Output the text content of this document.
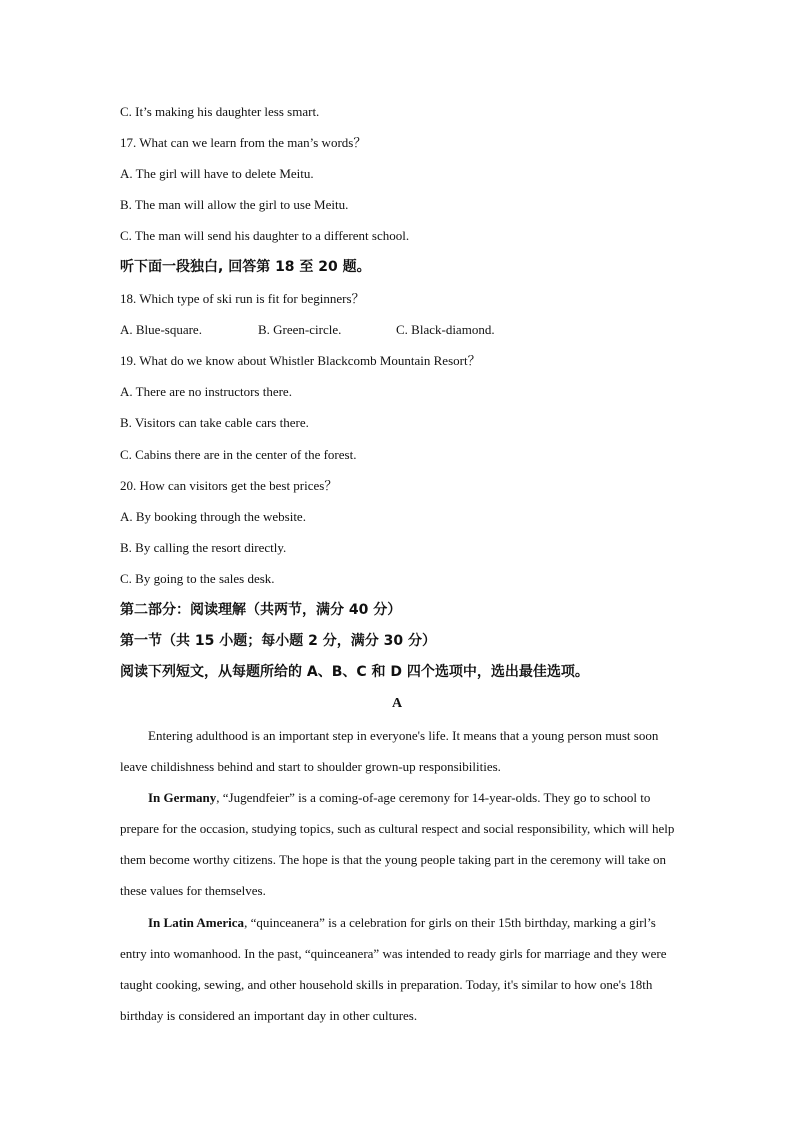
C. It’s making his daughter less smart.
17. What can we learn from the man’s words？
A. The girl will have to delete Meitu.
B. The man will allow the girl to use Meitu.
C. The man will send his daughter to a different school.
听下面一段独白, 回答第 18 至 20 题。
18. Which type of ski run is fit for beginners？
A. Blue-square.	B. Green-circle.	C. Black-diamond.
19. What do we know about Whistler Blackcomb Mountain Resort？
A. There are no instructors there.
B. Visitors can take cable cars there.
C. Cabins there are in the center of the forest.
20. How can visitors get the best prices？
A. By booking through the website.
B. By calling the resort directly.
C. By going to the sales desk.
第二部分：阅读理解（共两节，满分 40 分）
第一节（共 15 小题；每小题 2 分，满分 30 分）
阅读下列短文，从每题所给的 A、B、C 和 D 四个选项中，选出最佳选项。
A
Entering adulthood is an important step in everyone's life. It means that a young person must soon leave childishness behind and start to shoulder grown-up responsibilities.
In Germany, “Jugendfeier” is a coming-of-age ceremony for 14-year-olds. They go to school to prepare for the occasion, studying topics, such as cultural respect and social responsibility, which will help them become worthy citizens. The hope is that the young people taking part in the ceremony will take on these values for themselves.
In Latin America, “quinceanera” is a celebration for girls on their 15th birthday, marking a girl’s entry into womanhood. In the past, “quinceanera” was intended to ready girls for marriage and they were taught cooking, sewing, and other household skills in preparation. Today, it's similar to how one's 18th birthday is considered an important day in other cultures.
